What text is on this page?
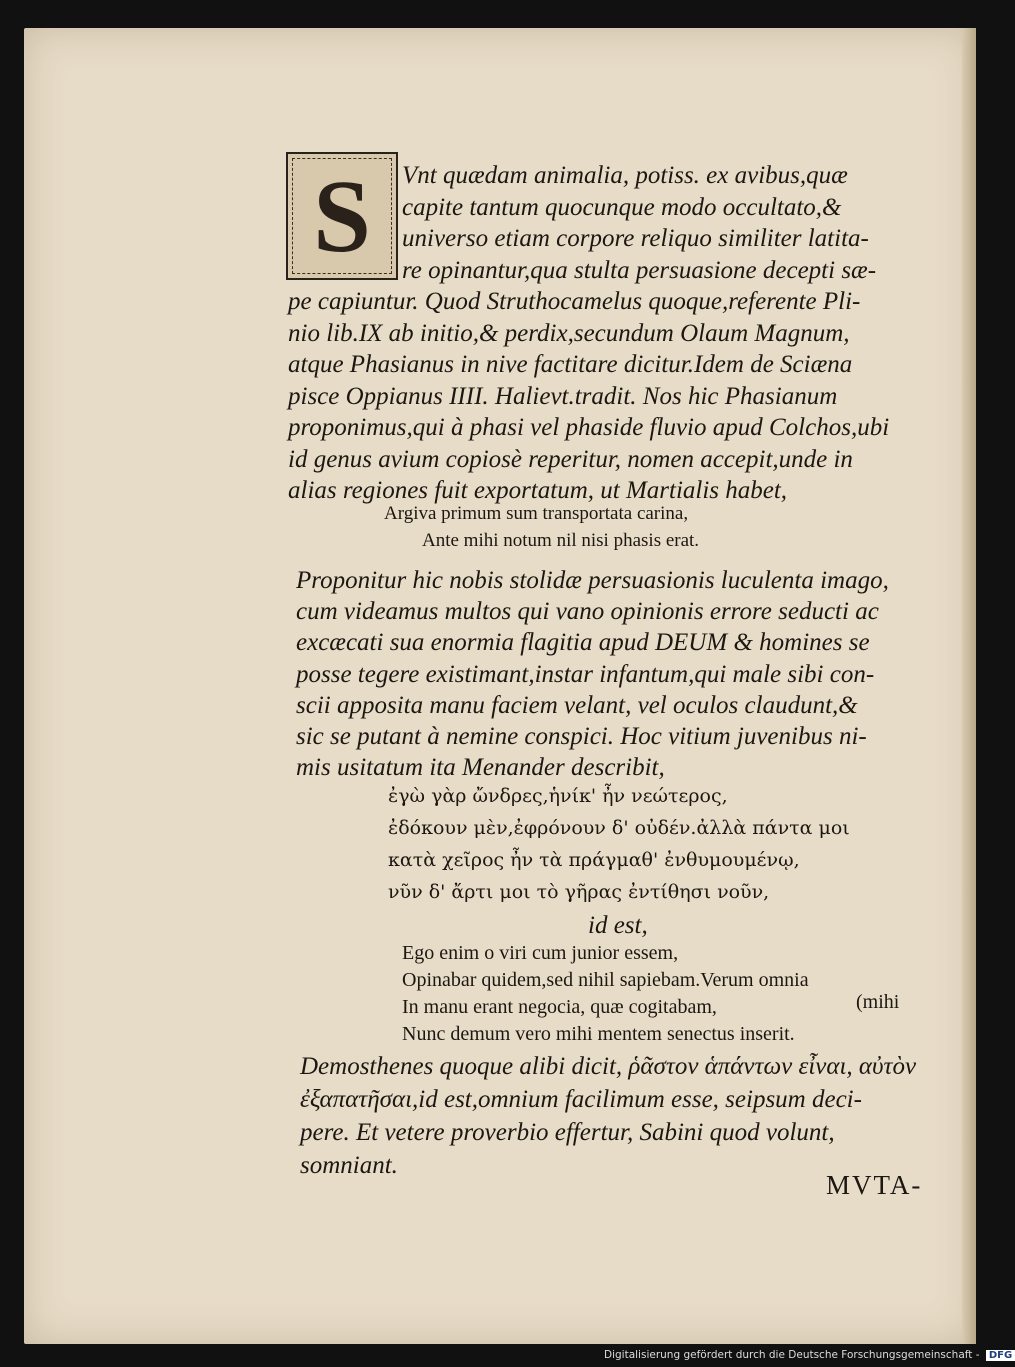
S Vnt quædam animalia, potiss. ex avibus,quæ
capite tantum quocunque modo occultato,&
universo etiam corpore reliquo similiter latita-
re opinantur,qua stulta persuasione decepti sæ-
pe capiuntur. Quod Struthocamelus quoque,referente Pli-
nio lib.IX ab initio,& perdix,secundum Olaum Magnum,
atque Phasianus in nive factitare dicitur.Idem de Sciæna
pisce Oppianus IIII. Halievt.tradit. Nos hic Phasianum
proponimus,qui à phasi vel phaside fluvio apud Colchos,ubi
id genus avium copiosè reperitur, nomen accepit,unde in
alias regiones fuit exportatum, ut Martialis habet,
Argiva primum sum transportata carina,
Ante mihi notum nil nisi phasis erat.
Proponitur hic nobis stolidæ persuasionis luculenta imago,
cum videamus multos qui vano opinionis errore seducti ac
excæcati sua enormia flagitia apud DEUM & homines se
posse tegere existimant,instar infantum,qui male sibi con-
scii apposita manu faciem velant, vel oculos claudunt,&
sic se putant à nemine conspici. Hoc vitium juvenibus ni-
mis usitatum ita Menander describit,
ἐγὼ γὰρ ὤνδρες,ἡνίκ' ἦν νεώτερος,
ἐδόκουν μὲν,ἐφρόνουν δ' οὐδέν.ἀλλὰ πάντα μοι
κατὰ χεῖρος ἦν τὰ πράγμαθ' ἐνθυμουμένῳ,
νῦν δ' ἄρτι μοι τὸ γῆρας ἐντίθησι νοῦν,
id est,
Ego enim o viri cum junior essem,
Opinabar quidem,sed nihil sapiebam.Verum omnia
In manu erant negocia, quæ cogitabam,
Nunc demum vero mihi mentem senectus inserit.
(mihi
Demosthenes quoque alibi dicit, ῥᾶστον ἁπάντων εἶναι, αὐτὸν
ἐξαπατῆσαι,id est,omnium facilimum esse, seipsum deci-
pere. Et vetere proverbio effertur, Sabini quod volunt,
somniant.
MVTA-
Digitalisierung gefördert durch die Deutsche Forschungsgemeinschaft - DFG
